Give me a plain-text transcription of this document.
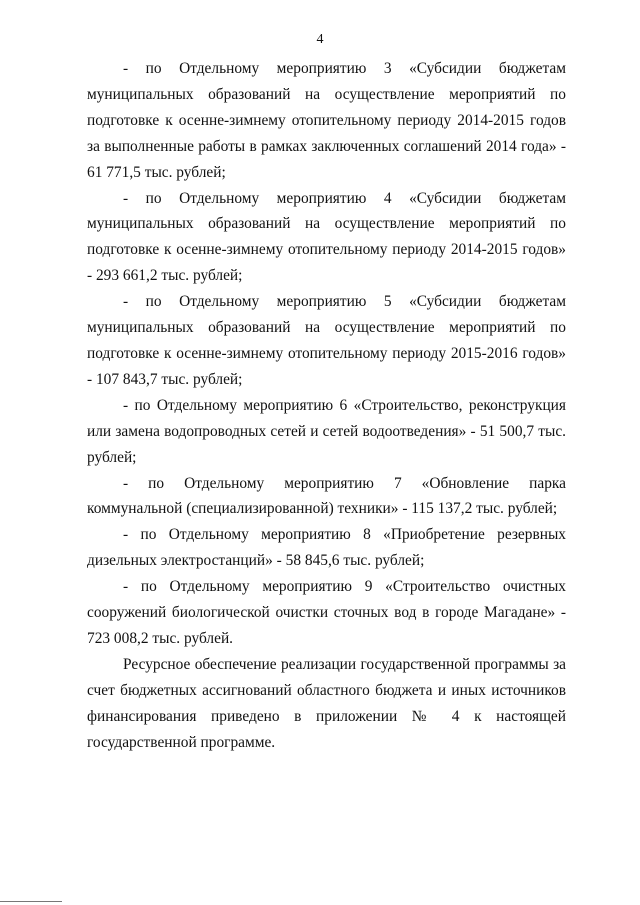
4

- по Отдельному мероприятию 3 «Субсидии бюджетам муниципальных образований на осуществление мероприятий по подготовке к осенне-зимнему отопительному периоду 2014-2015 годов за выполненные работы в рамках заключенных соглашений 2014 года» - 61 771,5 тыс. рублей;

- по Отдельному мероприятию 4 «Субсидии бюджетам муниципальных образований на осуществление мероприятий по подготовке к осенне-зимнему отопительному периоду 2014-2015 годов» - 293 661,2 тыс. рублей;

- по Отдельному мероприятию 5 «Субсидии бюджетам муниципальных образований на осуществление мероприятий по подготовке к осенне-зимнему отопительному периоду 2015-2016 годов» - 107 843,7 тыс. рублей;

- по Отдельному мероприятию 6 «Строительство, реконструкция или замена водопроводных сетей и сетей водоотведения» - 51 500,7 тыс. рублей;

- по Отдельному мероприятию 7 «Обновление парка коммунальной (специализированной) техники» - 115 137,2 тыс. рублей;

- по Отдельному мероприятию 8 «Приобретение резервных дизельных электростанций» - 58 845,6 тыс. рублей;

- по Отдельному мероприятию 9 «Строительство очистных сооружений биологической очистки сточных вод в городе Магадане» - 723 008,2 тыс. рублей.

Ресурсное обеспечение реализации государственной программы за счет бюджетных ассигнований областного бюджета и иных источников финансирования приведено в приложении № 4 к настоящей государственной программе.
